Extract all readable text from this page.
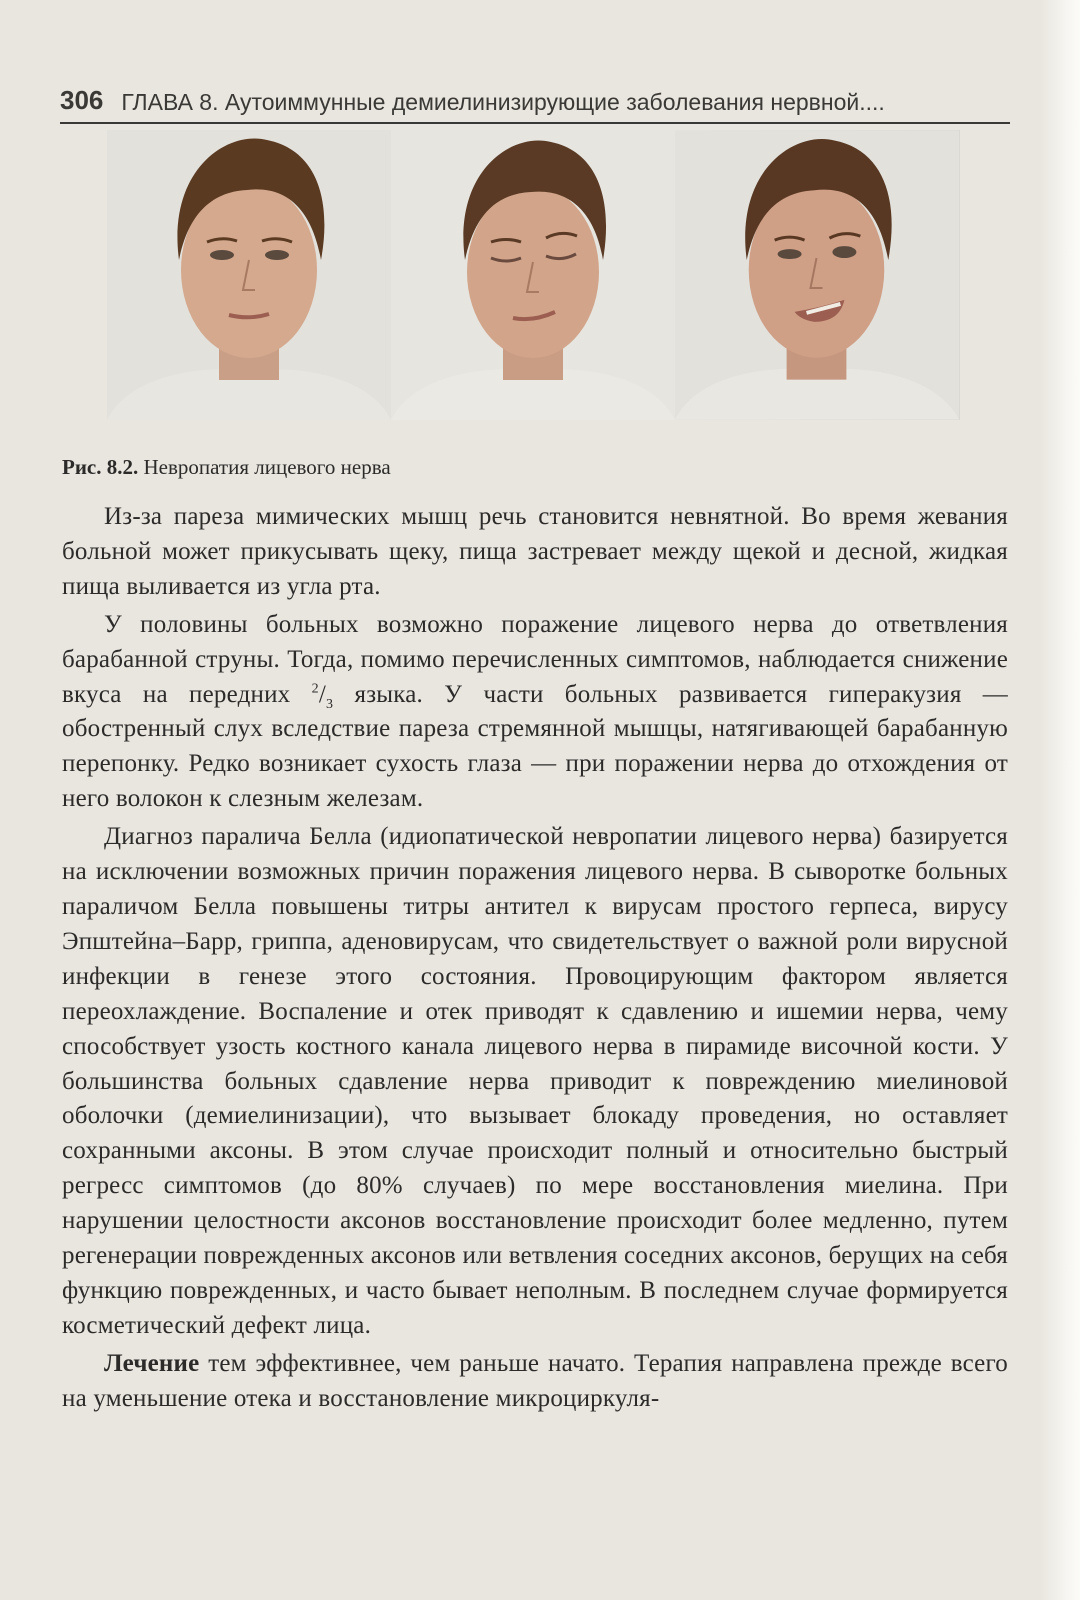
306 ГЛАВА 8. Аутоиммунные демиелинизирующие заболевания нервной....
Рис. 8.2. Невропатия лицевого нерва

Из-за пареза мимических мышц речь становится невнятной. Во время жевания больной может прикусывать щеку, пища застревает между щекой и десной, жидкая пища выливается из угла рта.

У половины больных возможно поражение лицевого нерва до ответвления барабанной струны. Тогда, помимо перечисленных симптомов, наблюдается снижение вкуса на передних $^2/_3$ языка. У части больных развивается гиперакузия — обостренный слух вследствие пареза стремянной мышцы, натягивающей барабанную перепонку. Редко возникает сухость глаза — при поражении нерва до отхождения от него волокон к слезным железам.

Диагноз паралича Белла (идиопатической невропатии лицевого нерва) базируется на исключении возможных причин поражения лицевого нерва. В сыворотке больных параличом Белла повышены титры антител к вирусам простого герпеса, вирусу Эпштейна–Барр, гриппа, аденовирусам, что свидетельствует о важной роли вирусной инфекции в генезе этого состояния. Провоцирующим фактором является переохлаждение. Воспаление и отек приводят к сдавлению и ишемии нерва, чему способствует узость костного канала лицевого нерва в пирамиде височной кости. У большинства больных сдавление нерва приводит к повреждению миелиновой оболочки (демиелинизации), что вызывает блокаду проведения, но оставляет сохранными аксоны. В этом случае происходит полный и относительно быстрый регресс симптомов (до 80% случаев) по мере восстановления миелина. При нарушении целостности аксонов восстановление происходит более медленно, путем регенерации поврежденных аксонов или ветвления соседних аксонов, берущих на себя функцию поврежденных, и часто бывает неполным. В последнем случае формируется косметический дефект лица.

Лечение тем эффективнее, чем раньше начато. Терапия направлена прежде всего на уменьшение отека и восстановление микроциркуля-
